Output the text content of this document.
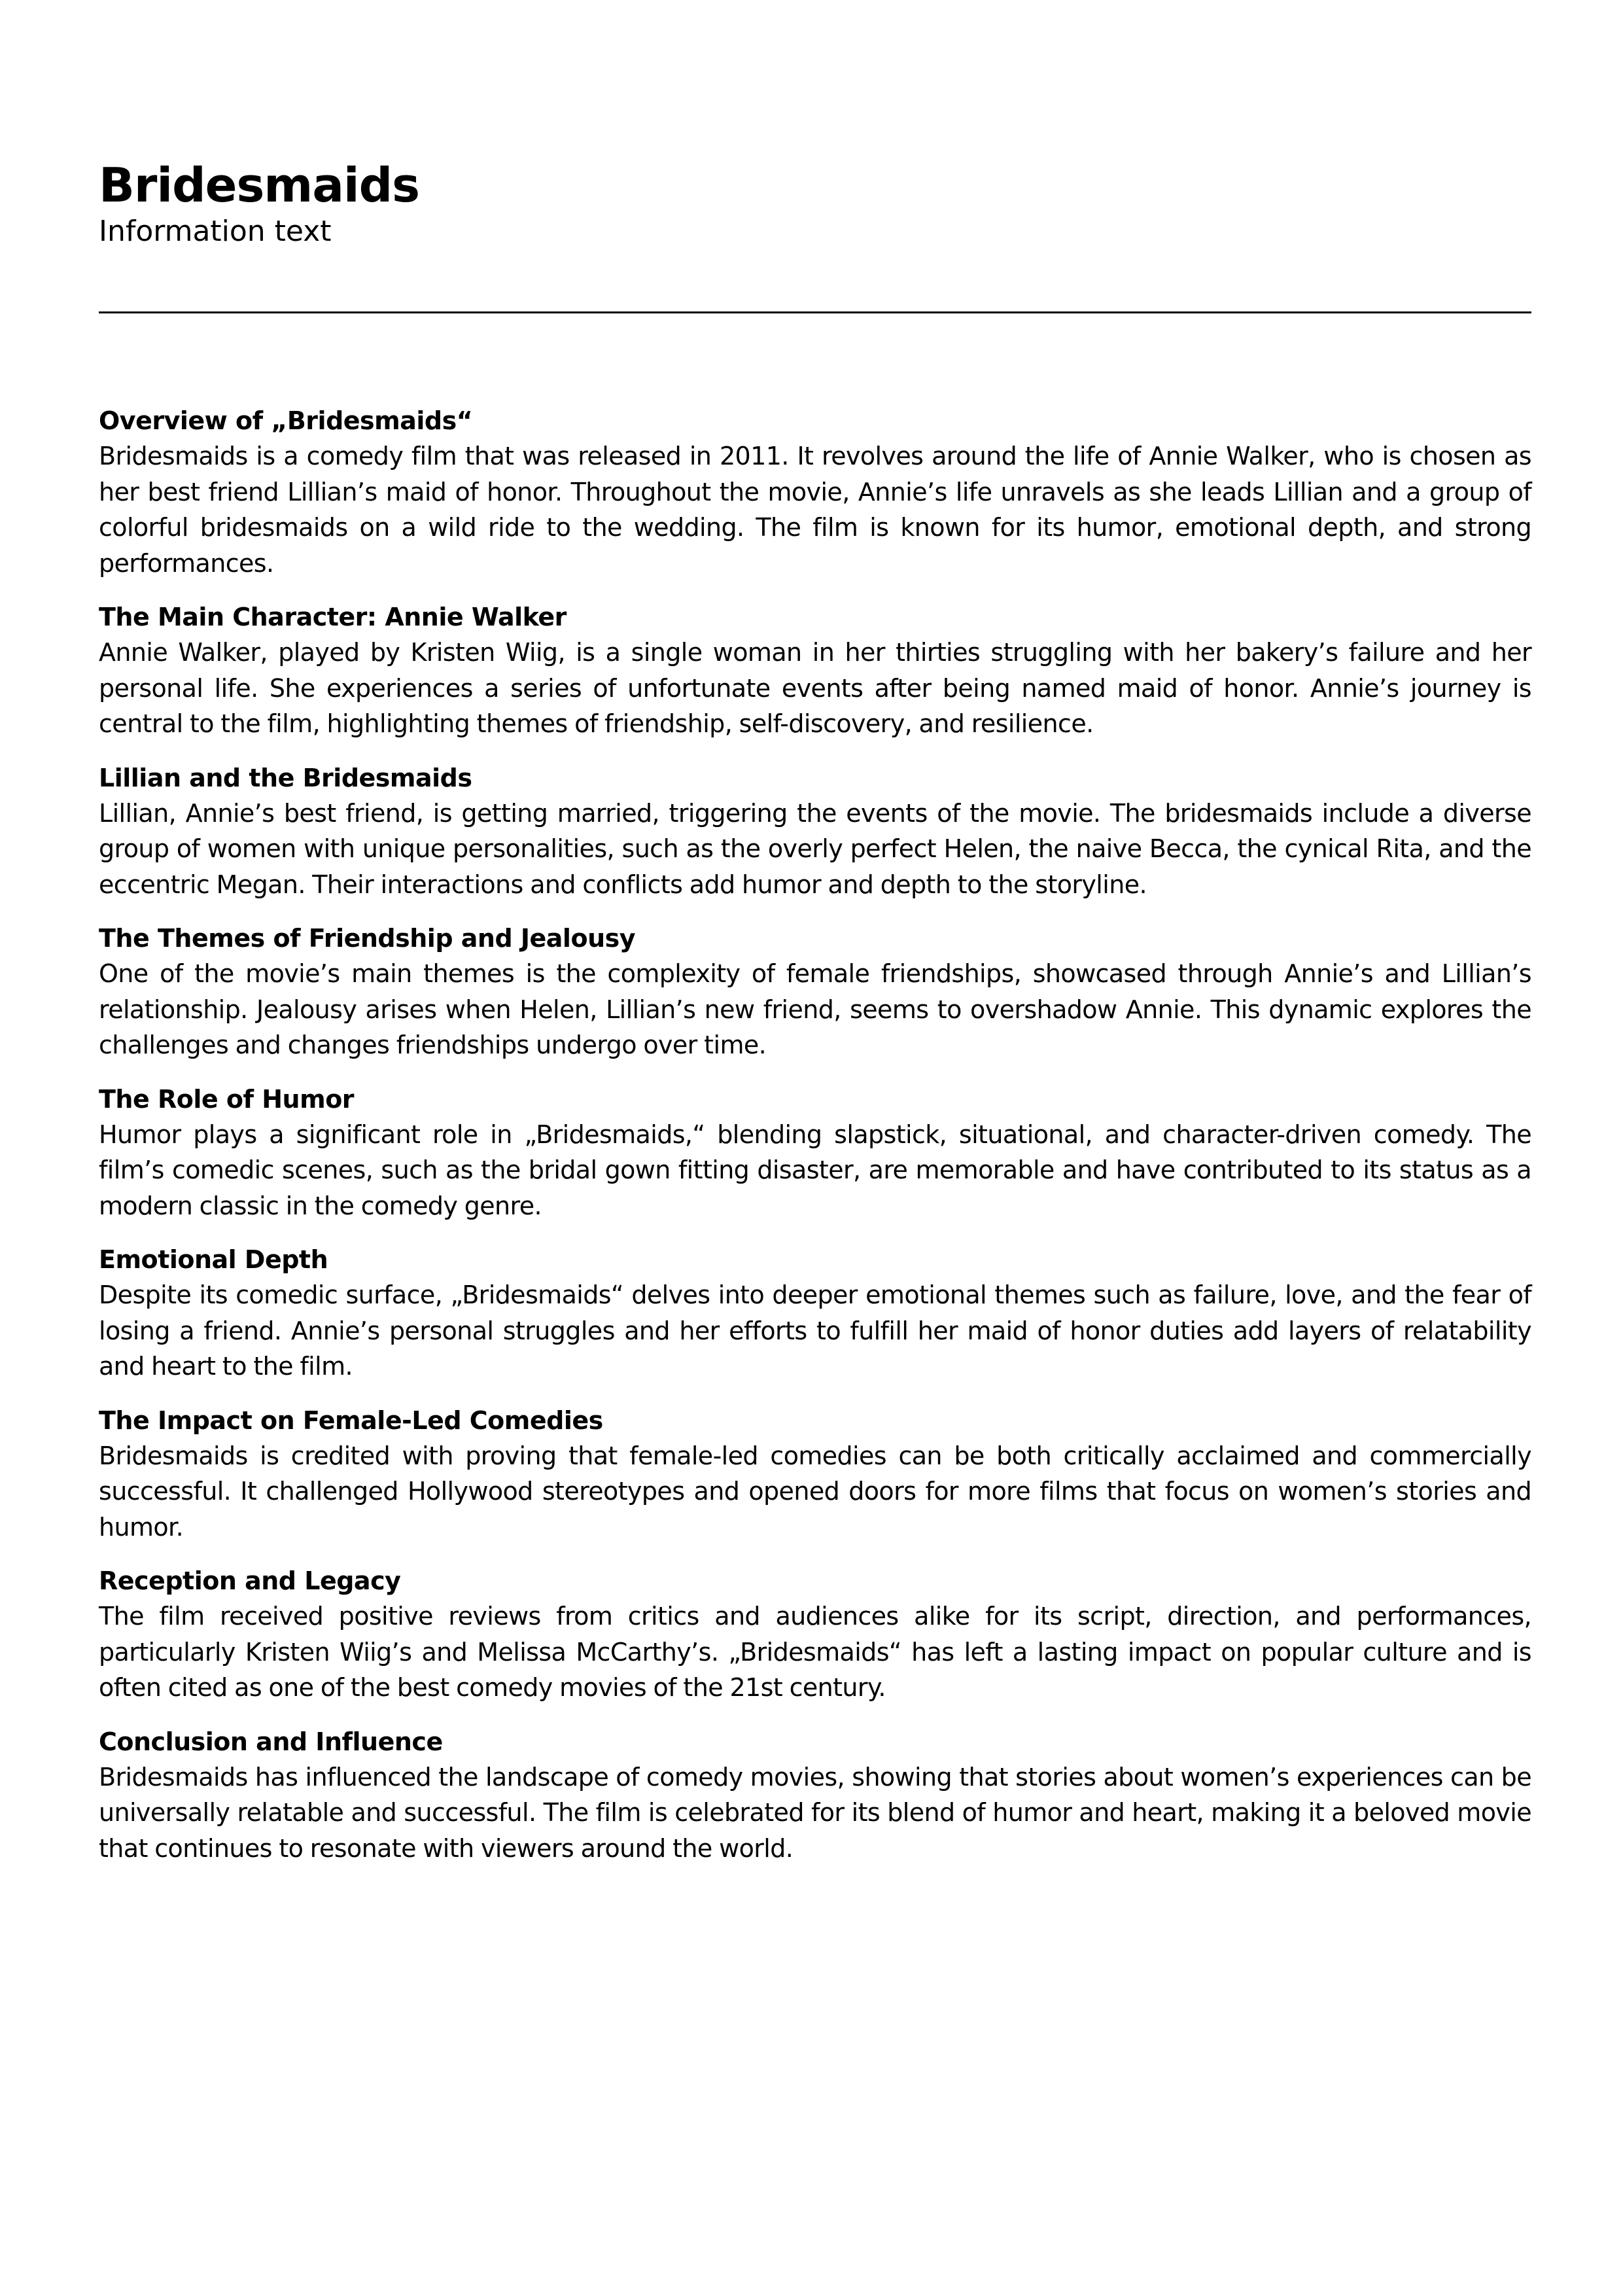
Bridesmaids

Information text

Overview of „Bridesmaids“

Bridesmaids is a comedy film that was released in 2011. It revolves around the life of Annie Walker, who is chosen as her best friend Lillian’s maid of honor. Throughout the movie, Annie’s life unravels as she leads Lillian and a group of colorful bridesmaids on a wild ride to the wedding. The film is known for its humor, emotional depth, and strong performances.

The Main Character: Annie Walker

Annie Walker, played by Kristen Wiig, is a single woman in her thirties struggling with her bakery’s failure and her personal life. She experiences a series of unfortunate events after being named maid of honor. Annie’s journey is central to the film, highlighting themes of friendship, self-discovery, and resilience.

Lillian and the Bridesmaids

Lillian, Annie’s best friend, is getting married, triggering the events of the movie. The bridesmaids include a diverse group of women with unique personalities, such as the overly perfect Helen, the naive Becca, the cynical Rita, and the eccentric Megan. Their interactions and conflicts add humor and depth to the storyline.

The Themes of Friendship and Jealousy

One of the movie’s main themes is the complexity of female friendships, showcased through Annie’s and Lillian’s relationship. Jealousy arises when Helen, Lillian’s new friend, seems to overshadow Annie. This dynamic explores the challenges and changes friendships undergo over time.

The Role of Humor

Humor plays a significant role in „Bridesmaids,“ blending slapstick, situational, and character-driven comedy. The film’s comedic scenes, such as the bridal gown fitting disaster, are memorable and have contributed to its status as a modern classic in the comedy genre.

Emotional Depth

Despite its comedic surface, „Bridesmaids“ delves into deeper emotional themes such as failure, love, and the fear of losing a friend. Annie’s personal struggles and her efforts to fulfill her maid of honor duties add layers of relatability and heart to the film.

The Impact on Female-Led Comedies

Bridesmaids is credited with proving that female-led comedies can be both critically acclaimed and commercially successful. It challenged Hollywood stereotypes and opened doors for more films that focus on women’s stories and humor.

Reception and Legacy

The film received positive reviews from critics and audiences alike for its script, direction, and performances, particularly Kristen Wiig’s and Melissa McCarthy’s. „Bridesmaids“ has left a lasting impact on popular culture and is often cited as one of the best comedy movies of the 21st century.

Conclusion and Influence

Bridesmaids has influenced the landscape of comedy movies, showing that stories about women’s experiences can be universally relatable and successful. The film is celebrated for its blend of humor and heart, making it a beloved movie that continues to resonate with viewers around the world.
